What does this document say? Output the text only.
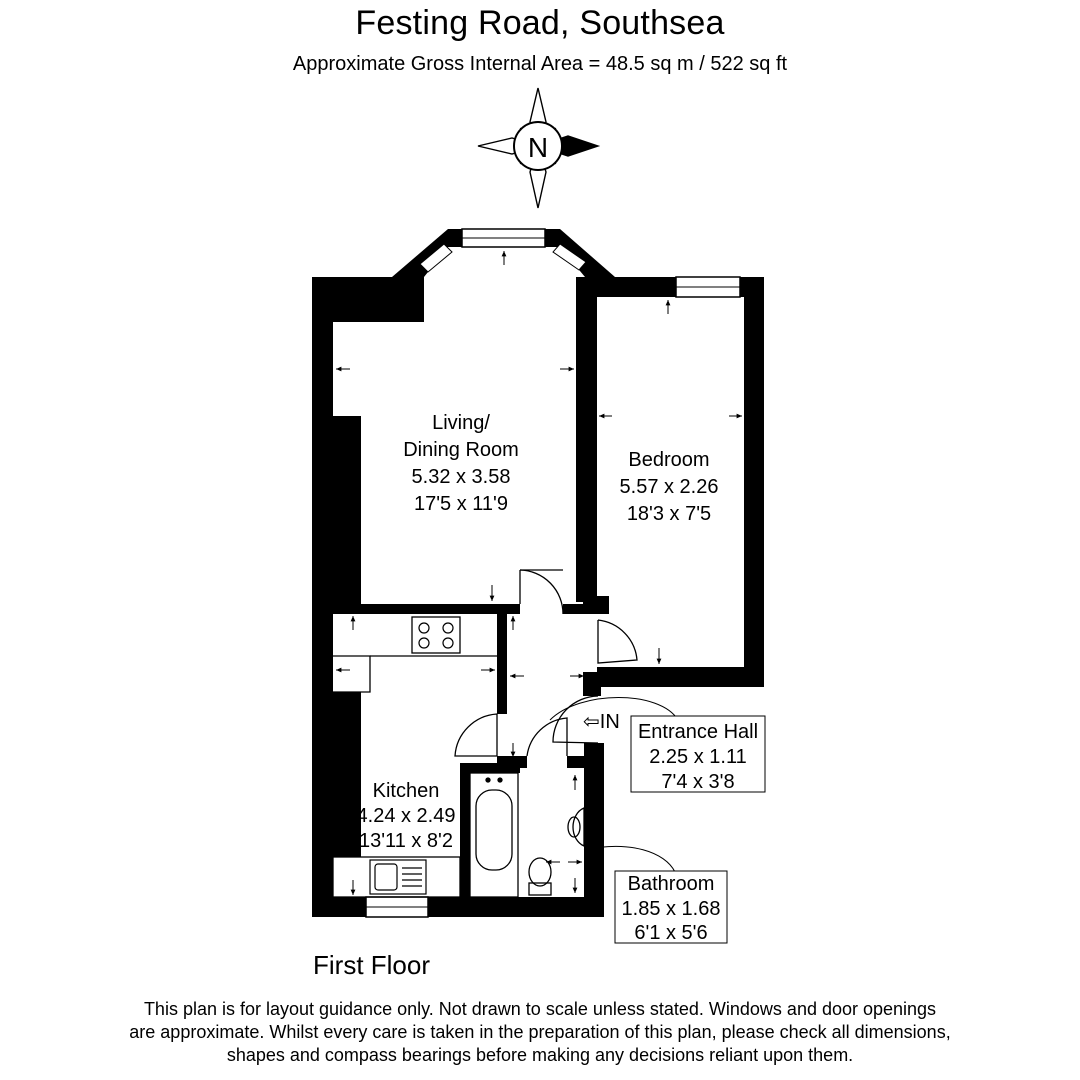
Festing Road, Southsea
Approximate Gross Internal Area = 48.5 sq m / 522 sq ft
N
Living/
Dining Room
5.32 x 3.58
17'5 x 11'9
Bedroom
5.57 x 2.26
18'3 x 7'5
Entrance Hall
2.25 x 1.11
7'4 x 3'8
⇦IN
Kitchen
4.24 x 2.49
13'11 x 8'2
Bathroom
1.85 x 1.68
6'1 x 5'6
First Floor
This plan is for layout guidance only. Not drawn to scale unless stated. Windows and door openings
are approximate. Whilst every care is taken in the preparation of this plan, please check all dimensions,
shapes and compass bearings before making any decisions reliant upon them.
